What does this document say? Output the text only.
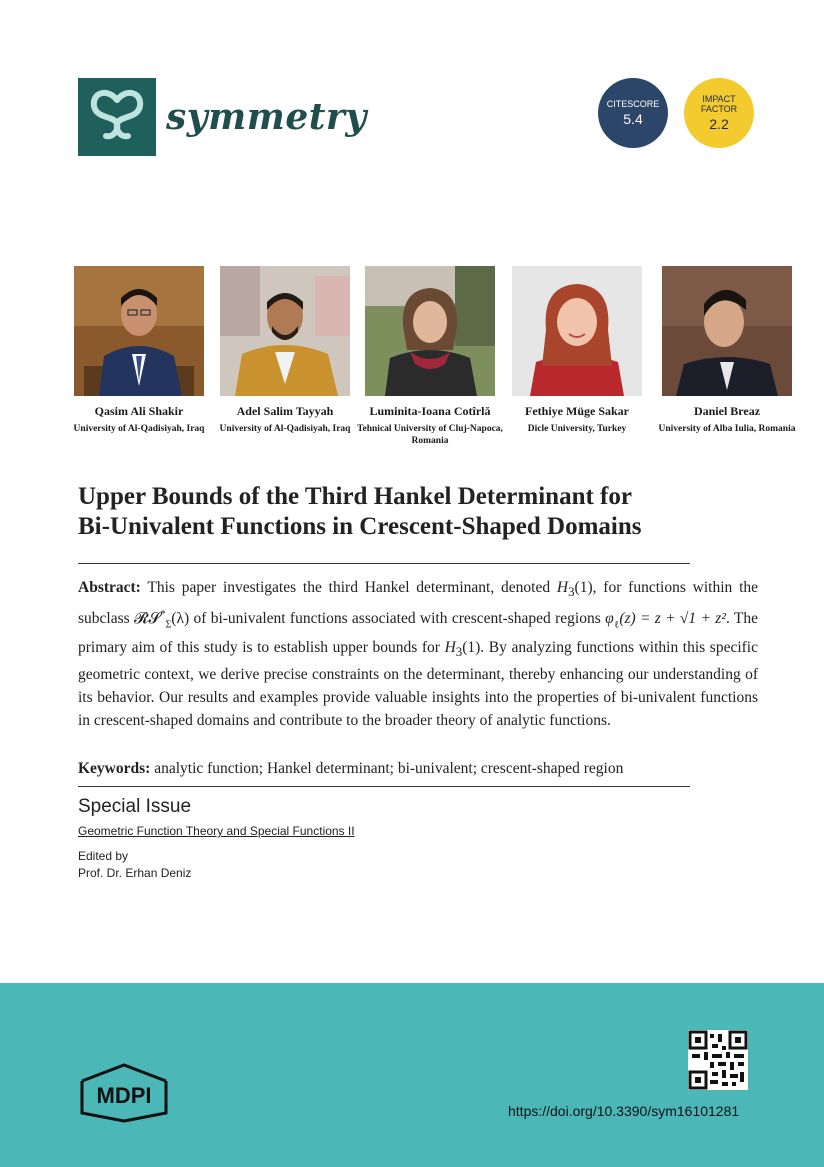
symmetry	CITESCORE
5.4
IMPACT
FACTOR
2.2
Qasim Ali Shakir
University of Al-Qadisiyah, Iraq
Adel Salim Tayyah
University of Al-Qadisiyah, Iraq
Luminita-Ioana Cotîrlă
Tehnical University of Cluj-Napoca, Romania
Fethiye Müge Sakar
Dicle University, Turkey
Daniel Breaz
University of Alba Iulia, Romania
Upper Bounds of the Third Hankel Determinant for
Bi-Univalent Functions in Crescent-Shaped Domains
Abstract: This paper investigates the third Hankel determinant, denoted $H_3(1)$, for functions within the subclass 𝓡𝓢*$_\Sigma$(λ) of bi-univalent functions associated with crescent-shaped regions $\varphi_\ell(z) = z + √1 + z^2$. The primary aim of this study is to establish upper bounds for $H_3(1)$. By analyzing functions within this specific geometric context, we derive precise constraints on the determinant, thereby enhancing our understanding of its behavior. Our results and examples provide valuable insights into the properties of bi-univalent functions in crescent-shaped domains and contribute to the broader theory of analytic functions.
Keywords: analytic function; Hankel determinant; bi-univalent; crescent-shaped region
Special Issue
Geometric Function Theory and Special Functions II
Edited by
Prof. Dr. Erhan Deniz
MDPI
https://doi.org/10.3390/sym16101281
